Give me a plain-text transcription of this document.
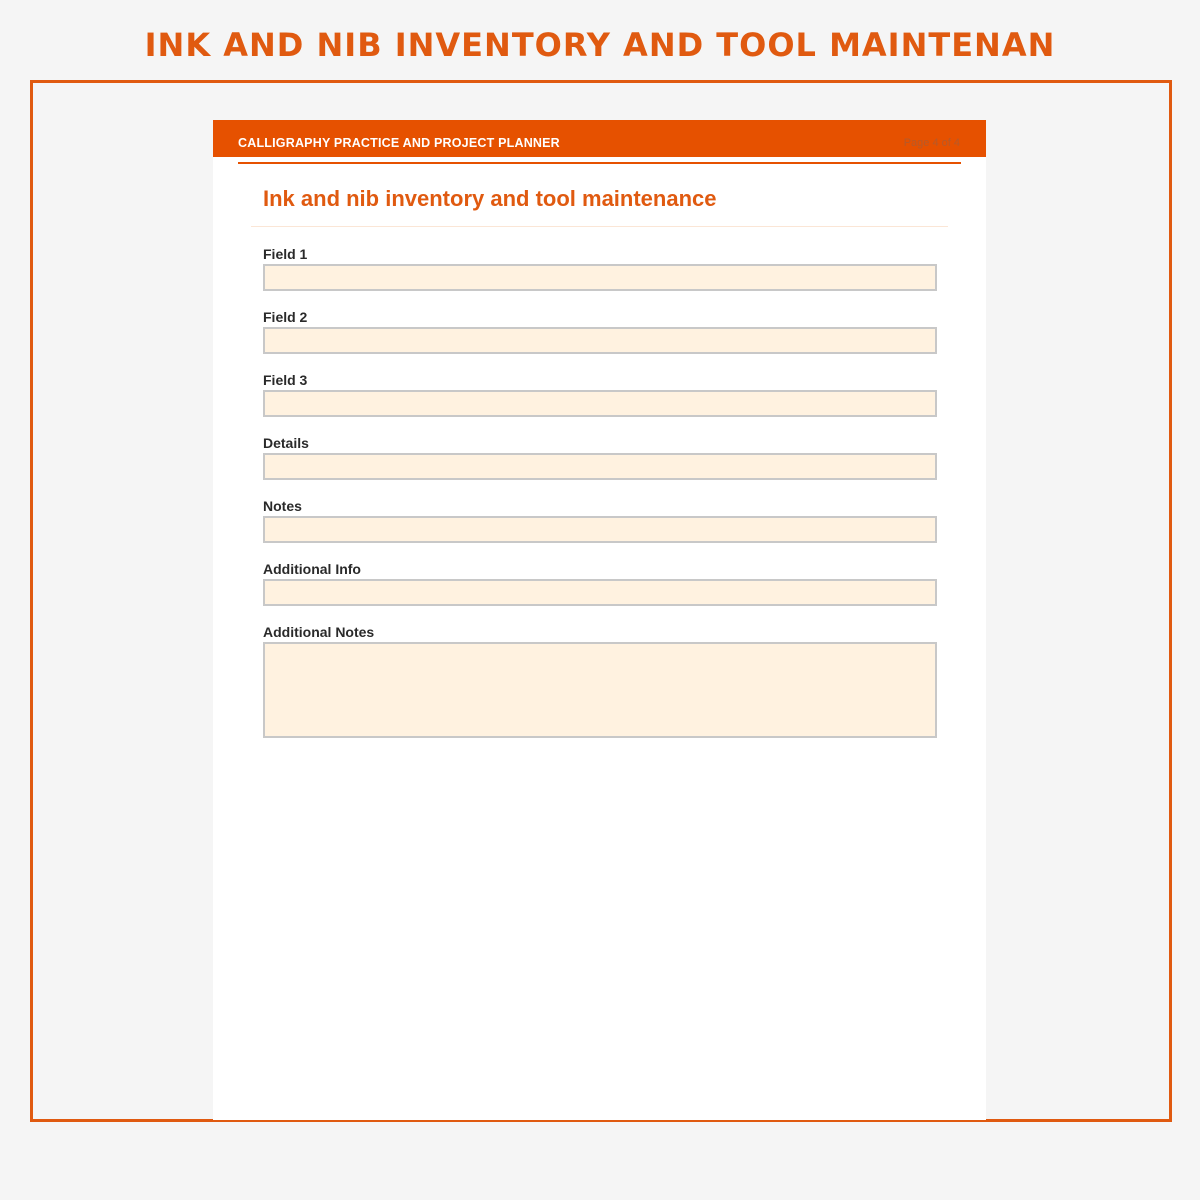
INK AND NIB INVENTORY AND TOOL MAINTENAN
CALLIGRAPHY PRACTICE AND PROJECT PLANNER	Page 4 of 4
Ink and nib inventory and tool maintenance
Field 1
Field 2
Field 3
Details
Notes
Additional Info
Additional Notes
